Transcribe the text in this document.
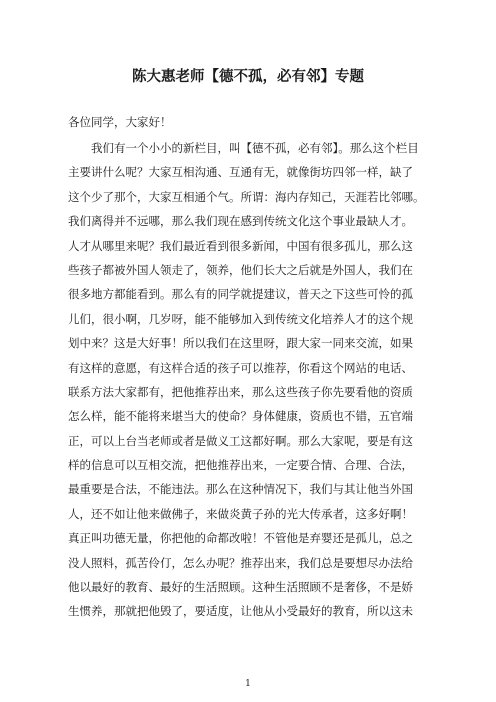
陈大惠老师【德不孤，必有邻】专题
各位同学，大家好！
　　我们有一个小小的新栏目，叫【德不孤，必有邻】。那么这个栏目
主要讲什么呢？大家互相沟通、互通有无，就像街坊四邻一样，缺了
这个少了那个，大家互相通个气。所谓：海内存知己，天涯若比邻哪。
我们离得并不远哪，那么我们现在感到传统文化这个事业最缺人才。
人才从哪里来呢？我们最近看到很多新闻，中国有很多孤儿，那么这
些孩子都被外国人领走了，领养，他们长大之后就是外国人，我们在
很多地方都能看到。那么有的同学就提建议，普天之下这些可怜的孤
儿们，很小啊，几岁呀，能不能够加入到传统文化培养人才的这个规
划中来？这是大好事！所以我们在这里呀，跟大家一同来交流，如果
有这样的意愿，有这样合适的孩子可以推荐，你看这个网站的电话、
联系方法大家都有，把他推荐出来，那么这些孩子你先要看他的资质
怎么样，能不能将来堪当大的使命？身体健康，资质也不错，五官端
正，可以上台当老师或者是做义工这都好啊。那么大家呢，要是有这
样的信息可以互相交流，把他推荐出来，一定要合情、合理、合法，
最重要是合法，不能违法。那么在这种情况下，我们与其让他当外国
人，还不如让他来做佛子，来做炎黄子孙的光大传承者，这多好啊！
真正叫功德无量，你把他的命都改啦！不管他是弃婴还是孤儿，总之
没人照料，孤苦伶仃，怎么办呢？推荐出来，我们总是要想尽办法给
他以最好的教育、最好的生活照顾。这种生活照顾不是奢侈，不是娇
生惯养，那就把他毁了，要适度，让他从小受最好的教育，所以这未
1
